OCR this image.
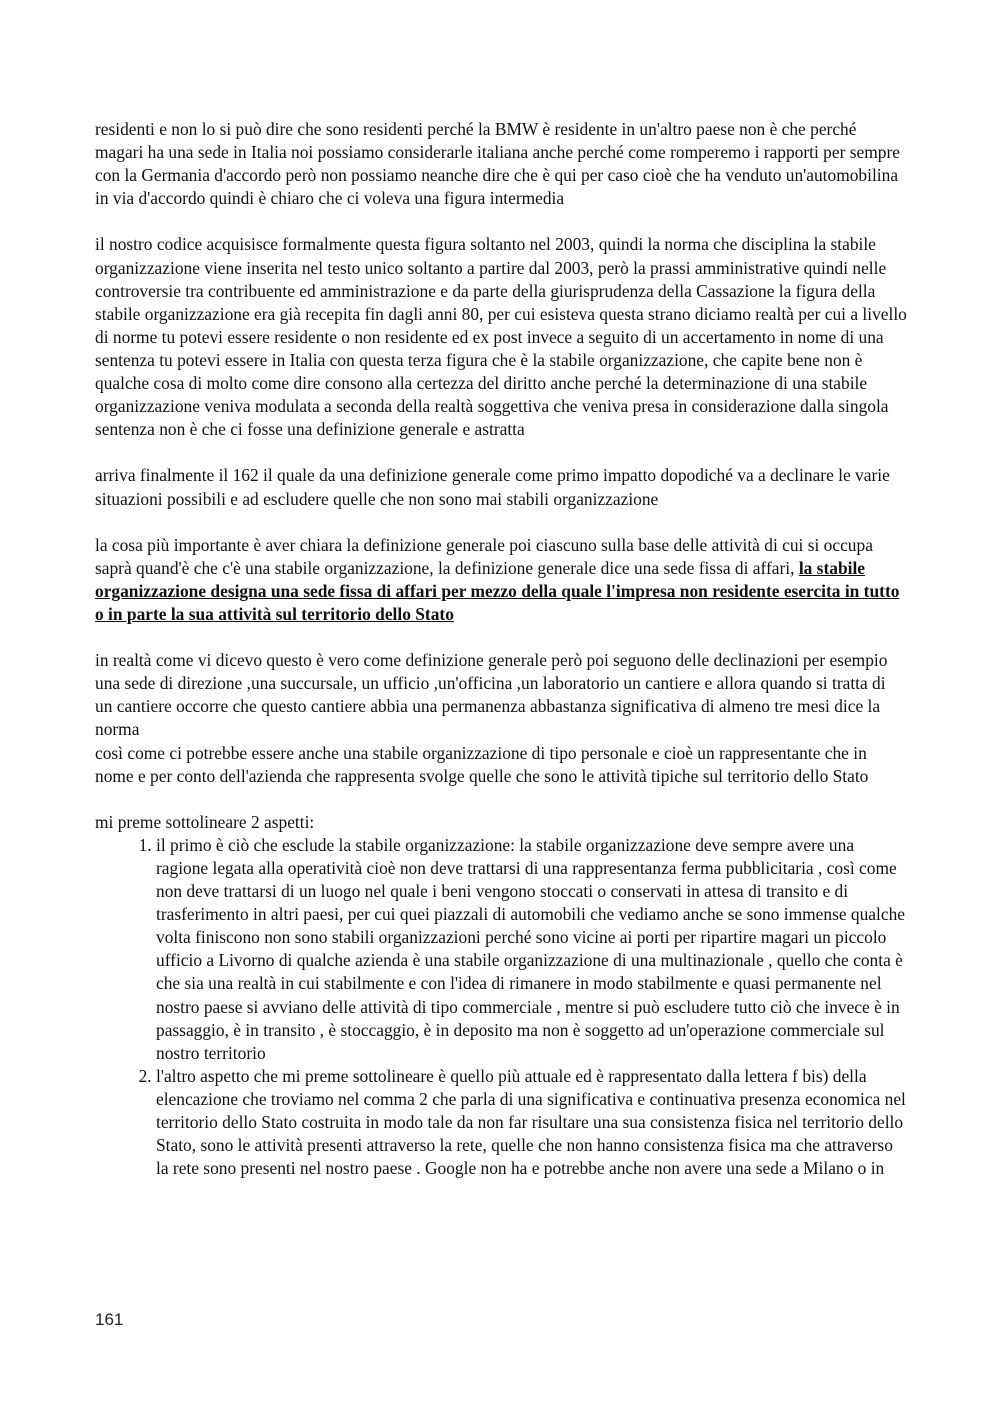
residenti e non lo si può dire che sono residenti perché la BMW è residente in un'altro paese non è che perché magari ha una sede in Italia noi possiamo considerarle italiana anche perché come romperemo i rapporti per sempre con la Germania d'accordo però non possiamo neanche dire che è qui per caso cioè che ha venduto un'automobilina in via d'accordo quindi è chiaro che ci voleva una figura intermedia

il nostro codice acquisisce formalmente questa figura soltanto nel 2003, quindi la norma che disciplina la stabile organizzazione viene inserita nel testo unico soltanto a partire dal 2003, però la prassi amministrative quindi nelle controversie tra contribuente ed amministrazione e da parte della giurisprudenza della Cassazione la figura della stabile organizzazione era già recepita fin dagli anni 80, per cui esisteva questa strano diciamo realtà per cui a livello di norme tu potevi essere residente o non residente ed ex post invece a seguito di un accertamento in nome di una sentenza tu potevi essere in Italia con questa terza figura che è la stabile organizzazione, che capite bene non è qualche cosa di molto come dire consono alla certezza del diritto anche perché la determinazione di una stabile organizzazione veniva modulata a seconda della realtà soggettiva che veniva presa in considerazione dalla singola sentenza non è che ci fosse una definizione generale e astratta

arriva finalmente il 162 il quale da una definizione generale come primo impatto dopodiché va a declinare le varie situazioni possibili e ad escludere quelle che non sono mai stabili organizzazione

la cosa più importante è aver chiara la definizione generale poi ciascuno sulla base delle attività di cui si occupa saprà quand'è che c'è una stabile organizzazione, la definizione generale dice una sede fissa di affari, la stabile organizzazione designa una sede fissa di affari per mezzo della quale l'impresa non residente esercita in tutto o in parte la sua attività sul territorio dello Stato

in realtà come vi dicevo questo è vero come definizione generale però poi seguono delle declinazioni per esempio una sede di direzione ,una succursale, un ufficio ,un'officina ,un laboratorio un cantiere e allora quando si tratta di un cantiere occorre che questo cantiere abbia una permanenza abbastanza significativa di almeno tre mesi dice la norma

così come ci potrebbe essere anche una stabile organizzazione di tipo personale e cioè un rappresentante che in nome e per conto dell'azienda che rappresenta svolge quelle che sono le attività tipiche sul territorio dello Stato

mi preme sottolineare 2 aspetti:

1. il primo è ciò che esclude la stabile organizzazione: la stabile organizzazione deve sempre avere una ragione legata alla operatività cioè non deve trattarsi di una rappresentanza ferma pubblicitaria , così come non deve trattarsi di un luogo nel quale i beni vengono stoccati o conservati in attesa di transito e di trasferimento in altri paesi, per cui quei piazzali di automobili che vediamo anche se sono immense qualche volta finiscono non sono stabili organizzazioni perché sono vicine ai porti per ripartire magari un piccolo ufficio a Livorno di qualche azienda è una stabile organizzazione di una multinazionale , quello che conta è che sia una realtà in cui stabilmente e con l'idea di rimanere in modo stabilmente e quasi permanente nel nostro paese si avviano delle attività di tipo commerciale , mentre si può escludere tutto ciò che invece è in passaggio, è in transito , è stoccaggio, è in deposito ma non è soggetto ad un'operazione commerciale sul nostro territorio
2. l'altro aspetto che mi preme sottolineare è quello più attuale ed è rappresentato dalla lettera f bis) della elencazione che troviamo nel comma 2 che parla di una significativa e continuativa presenza economica nel territorio dello Stato costruita in modo tale da non far risultare una sua consistenza fisica nel territorio dello Stato, sono le attività presenti attraverso la rete, quelle che non hanno consistenza fisica ma che attraverso la rete sono presenti nel nostro paese . Google non ha e potrebbe anche non avere una sede a Milano o in
161
